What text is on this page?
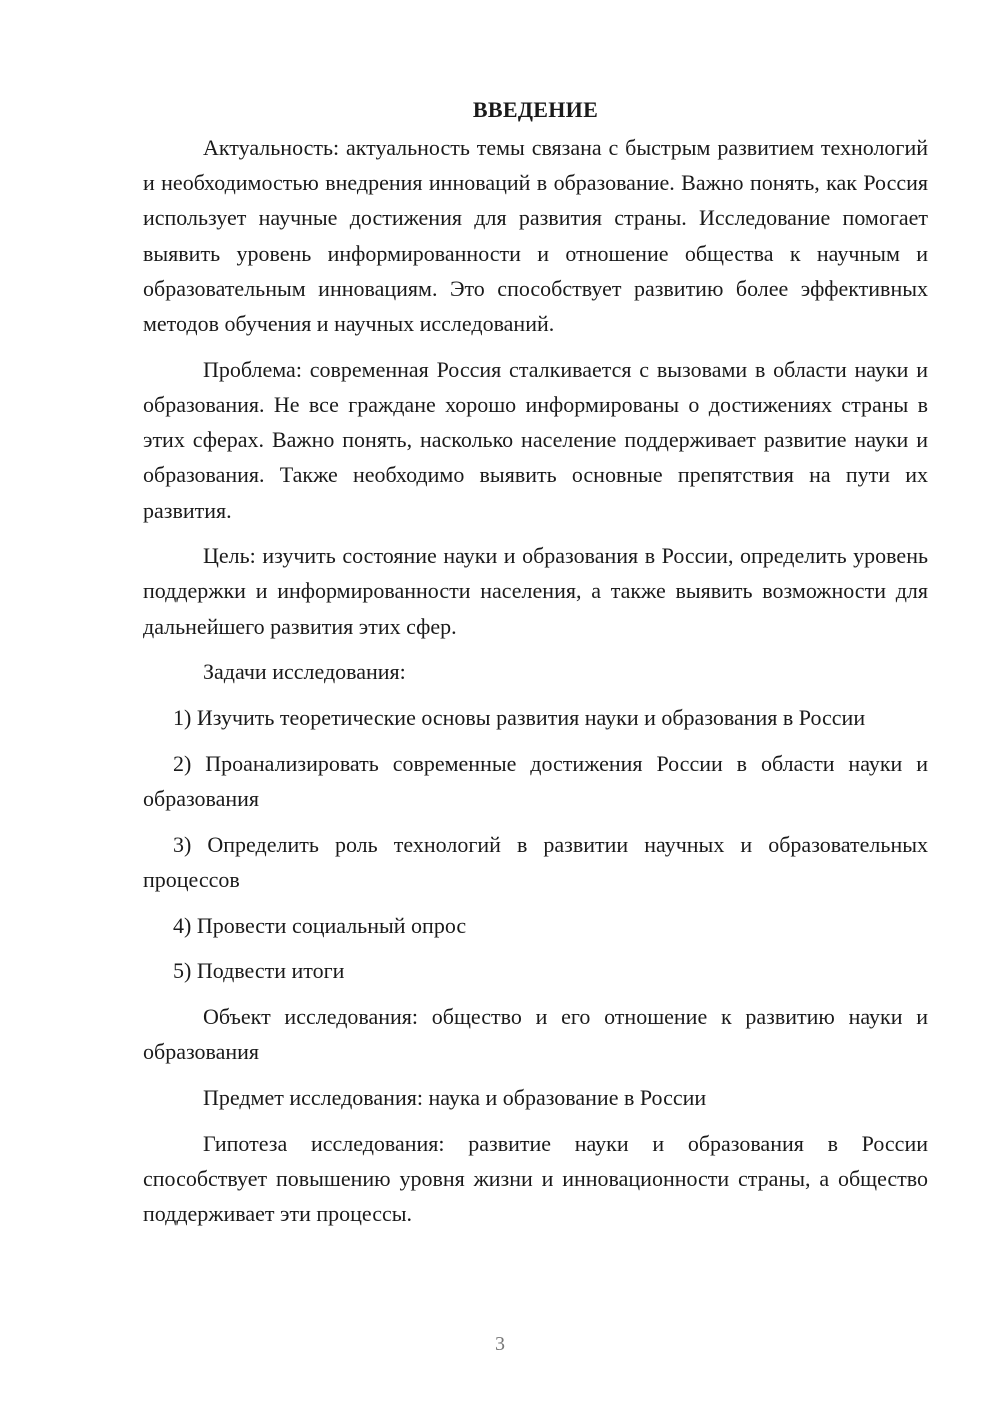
ВВЕДЕНИЕ

Актуальность: актуальность темы связана с быстрым развитием технологий и необходимостью внедрения инноваций в образование. Важно понять, как Россия использует научные достижения для развития страны. Исследование помогает выявить уровень информированности и отношение общества к научным и образовательным инновациям. Это способствует развитию более эффективных методов обучения и научных исследований.

Проблема: современная Россия сталкивается с вызовами в области науки и образования. Не все граждане хорошо информированы о достижениях страны в этих сферах. Важно понять, насколько население поддерживает развитие науки и образования. Также необходимо выявить основные препятствия на пути их развития.

Цель: изучить состояние науки и образования в России, определить уровень поддержки и информированности населения, а также выявить возможности для дальнейшего развития этих сфер.

Задачи исследования:

1) Изучить теоретические основы развития науки и образования в России

2) Проанализировать современные достижения России в области науки и образования

3) Определить роль технологий в развитии научных и образовательных процессов

4) Провести социальный опрос

5) Подвести итоги

Объект исследования: общество и его отношение к развитию науки и образования

Предмет исследования: наука и образование в России

Гипотеза исследования: развитие науки и образования в России способствует повышению уровня жизни и инновационности страны, а общество поддерживает эти процессы.

3
